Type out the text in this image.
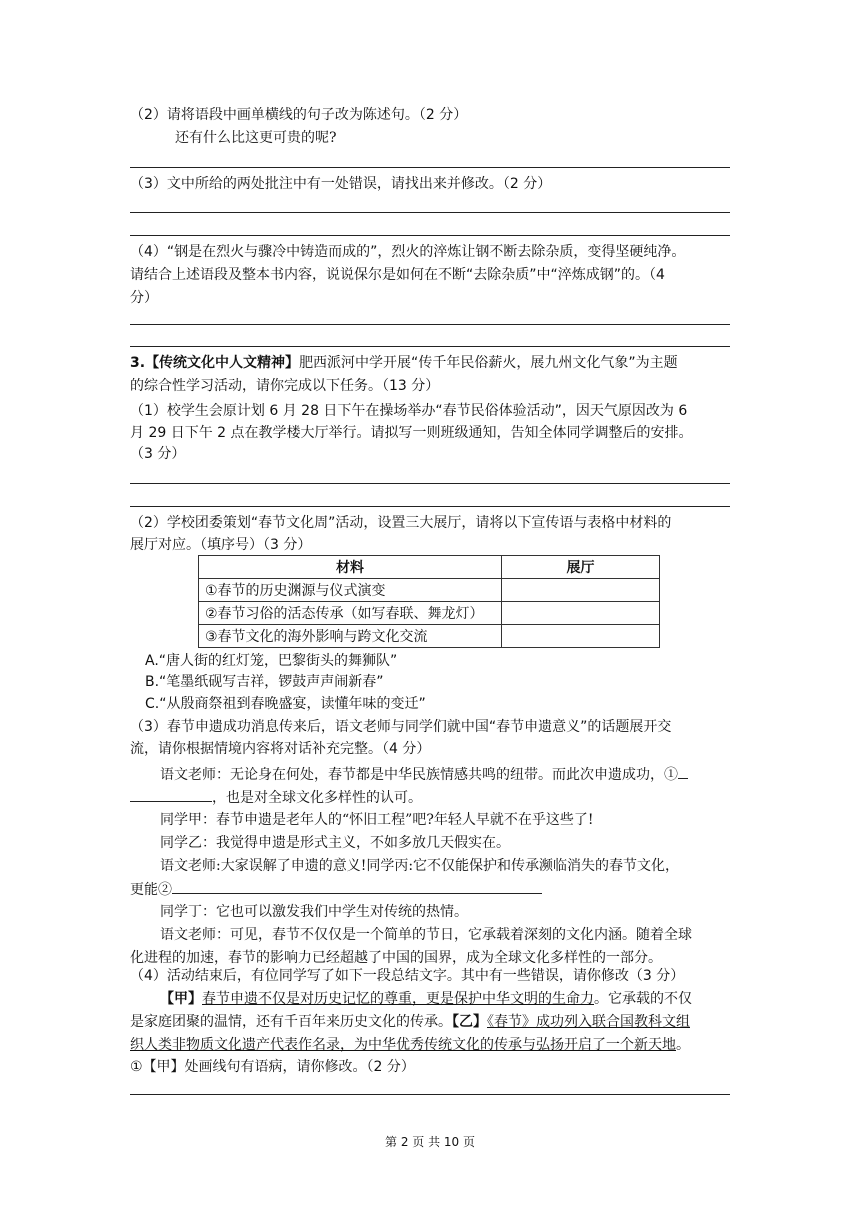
（2）请将语段中画单横线的句子改为陈述句。（2 分）
还有什么比这更可贵的呢?
（3）文中所给的两处批注中有一处错误，请找出来并修改。（2 分）
（4）“钢是在烈火与骤冷中铸造而成的”，烈火的淬炼让钢不断去除杂质，变得坚硬纯净。
请结合上述语段及整本书内容，说说保尔是如何在不断“去除杂质”中“淬炼成钢”的。（4
分）
3.【传统文化中人文精神】肥西派河中学开展“传千年民俗薪火，展九州文化气象”为主题
的综合性学习活动，请你完成以下任务。（13 分）
（1）校学生会原计划 6 月 28 日下午在操场举办“春节民俗体验活动”，因天气原因改为 6
月 29 日下午 2 点在教学楼大厅举行。请拟写一则班级通知，告知全体同学调整后的安排。
（3 分）
（2）学校团委策划“春节文化周”活动，设置三大展厅，请将以下宣传语与表格中材料的
展厅对应。（填序号）（3 分）
材料	展厅
①春节的历史渊源与仪式演变	
②春节习俗的活态传承（如写春联、舞龙灯）	
③春节文化的海外影响与跨文化交流	
A.“唐人街的红灯笼，巴黎街头的舞狮队”
B.“笔墨纸砚写吉祥，锣鼓声声闹新春”
C.“从殷商祭祖到春晚盛宴，读懂年味的变迁”
（3）春节申遗成功消息传来后，语文老师与同学们就中国“春节申遗意义”的话题展开交
流，请你根据情境内容将对话补充完整。（4 分）
语文老师：无论身在何处，春节都是中华民族情感共鸣的纽带。而此次申遗成功，①
，也是对全球文化多样性的认可。
同学甲：春节申遗是老年人的“怀旧工程”吧?年轻人早就不在乎这些了!
同学乙：我觉得申遗是形式主义，不如多放几天假实在。
语文老师:大家误解了申遗的意义!同学丙:它不仅能保护和传承濒临消失的春节文化，
更能②
同学丁：它也可以激发我们中学生对传统的热情。
语文老师：可见，春节不仅仅是一个简单的节日，它承载着深刻的文化内涵。随着全球
化进程的加速，春节的影响力已经超越了中国的国界，成为全球文化多样性的一部分。
（4）活动结束后，有位同学写了如下一段总结文字。其中有一些错误，请你修改（3 分）
【甲】春节申遗不仅是对历史记忆的尊重，更是保护中华文明的生命力。它承载的不仅
是家庭团聚的温情，还有千百年来历史文化的传承。【乙】《春节》成功列入联合国教科文组
织人类非物质文化遗产代表作名录，为中华优秀传统文化的传承与弘扬开启了一个新天地。
①【甲】处画线句有语病，请你修改。（2 分）
第 2 页 共 10 页
